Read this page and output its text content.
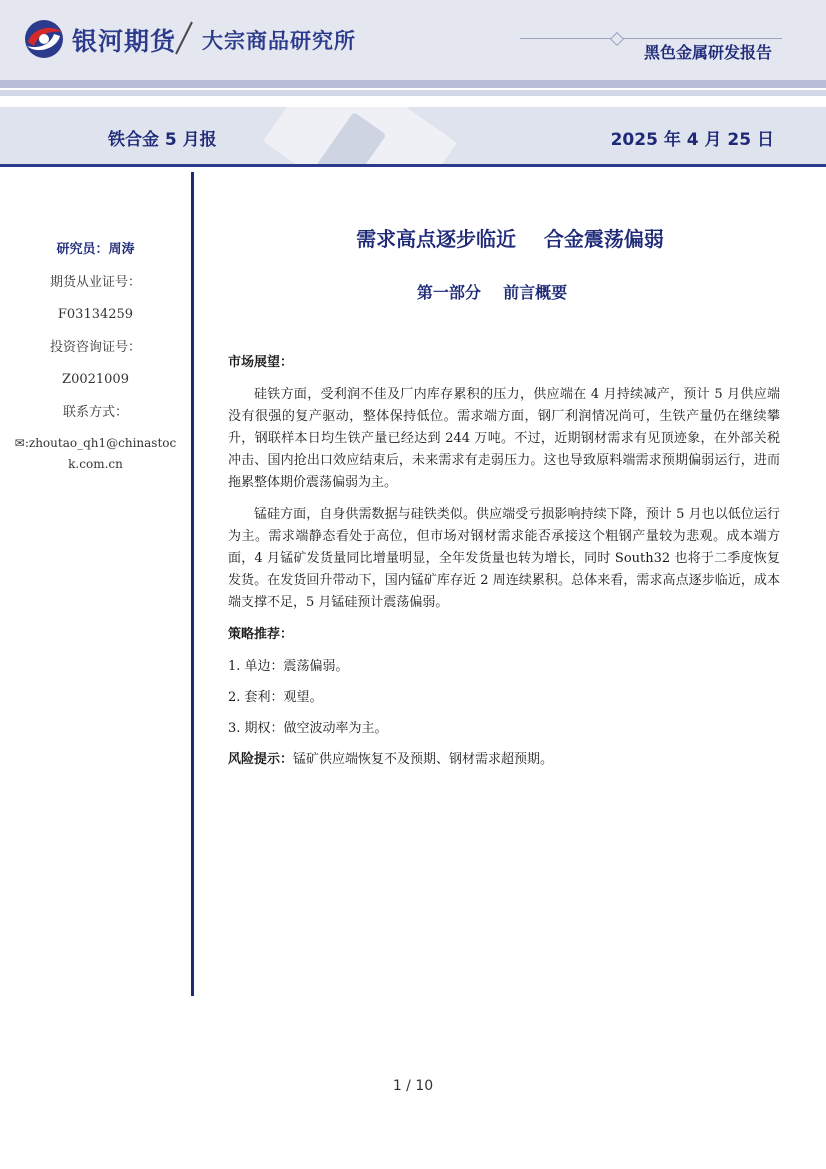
银河期货 大宗商品研究所	黑色金属研发报告
铁合金 5 月报	2025 年 4 月 25 日
研究员：周涛
期货从业证号：
F03134259
投资咨询证号：
Z0021009
联系方式：
✉:zhoutao_qh1@chinastock.com.cn
需求高点逐步临近    合金震荡偏弱
第一部分    前言概要
市场展望：

硅铁方面，受利润不佳及厂内库存累积的压力，供应端在 4 月持续减产，预计 5 月供应端没有很强的复产驱动，整体保持低位。需求端方面，钢厂利润情况尚可，生铁产量仍在继续攀升，钢联样本日均生铁产量已经达到 244 万吨。不过，近期钢材需求有见顶迹象，在外部关税冲击、国内抢出口效应结束后，未来需求有走弱压力。这也导致原料端需求预期偏弱运行，进而拖累整体期价震荡偏弱为主。

锰硅方面，自身供需数据与硅铁类似。供应端受亏损影响持续下降，预计 5 月也以低位运行为主。需求端静态看处于高位，但市场对钢材需求能否承接这个粗钢产量较为悲观。成本端方面，4 月锰矿发货量同比增量明显，全年发货量也转为增长，同时 South32 也将于二季度恢复发货。在发货回升带动下，国内锰矿库存近 2 周连续累积。总体来看，需求高点逐步临近，成本端支撑不足，5 月锰硅预计震荡偏弱。

策略推荐：
1. 单边：震荡偏弱。
2. 套利：观望。
3. 期权：做空波动率为主。
风险提示：锰矿供应端恢复不及预期、钢材需求超预期。
1 / 10
